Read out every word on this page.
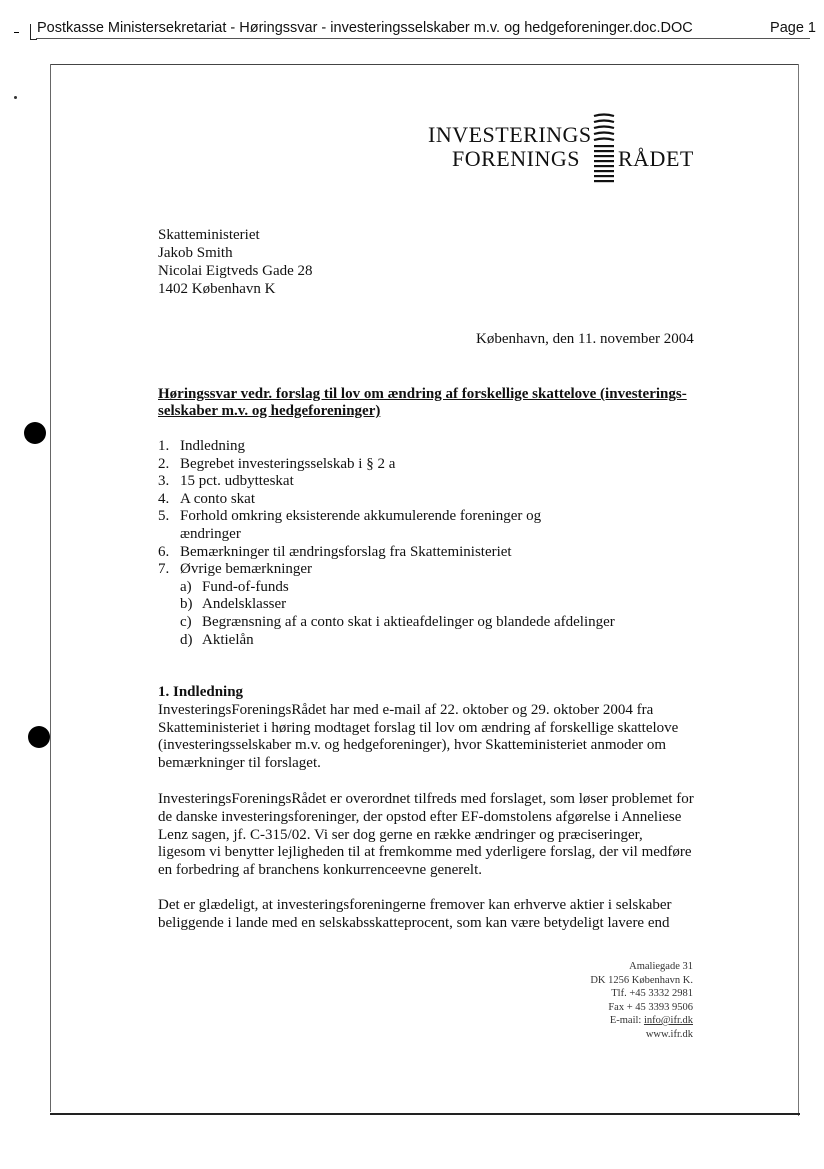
Postkasse Ministersekretariat - Høringssvar - investeringsselskaber m.v. og hedgeforeninger.doc.DOC	Page 1
INVESTERINGS
FORENINGS RÅDET
Skatteministeriet
Jakob Smith
Nicolai Eigtveds Gade 28
1402 København K
København, den 11. november 2004
Høringssvar vedr. forslag til lov om ændring af forskellige skattelove (investerings-
selskaber m.v. og hedgeforeninger)
1. Indledning
2. Begrebet investeringsselskab i § 2 a
3. 15 pct. udbytteskat
4. A conto skat
5. Forhold omkring eksisterende akkumulerende foreninger og
ændringer
6. Bemærkninger til ændringsforslag fra Skatteministeriet
7. Øvrige bemærkninger
a) Fund-of-funds
b) Andelsklasser
c) Begrænsning af a conto skat i aktieafdelinger og blandede afdelinger
d) Aktielån
1. Indledning
InvesteringsForeningsRådet har med e-mail af 22. oktober og 29. oktober 2004 fra
Skatteministeriet i høring modtaget forslag til lov om ændring af forskellige skattelove
(investeringsselskaber m.v. og hedgeforeninger), hvor Skatteministeriet anmoder om
bemærkninger til forslaget.
InvesteringsForeningsRådet er overordnet tilfreds med forslaget, som løser problemet for
de danske investeringsforeninger, der opstod efter EF-domstolens afgørelse i Anneliese
Lenz sagen, jf. C-315/02. Vi ser dog gerne en række ændringer og præciseringer,
ligesom vi benytter lejligheden til at fremkomme med yderligere forslag, der vil medføre
en forbedring af branchens konkurrenceevne generelt.
Det er glædeligt, at investeringsforeningerne fremover kan erhverve aktier i selskaber
beliggende i lande med en selskabsskatteprocent, som kan være betydeligt lavere end
Amaliegade 31
DK 1256 København K.
Tlf. +45 3332 2981
Fax + 45 3393 9506
E-mail: info@ifr.dk
www.ifr.dk
